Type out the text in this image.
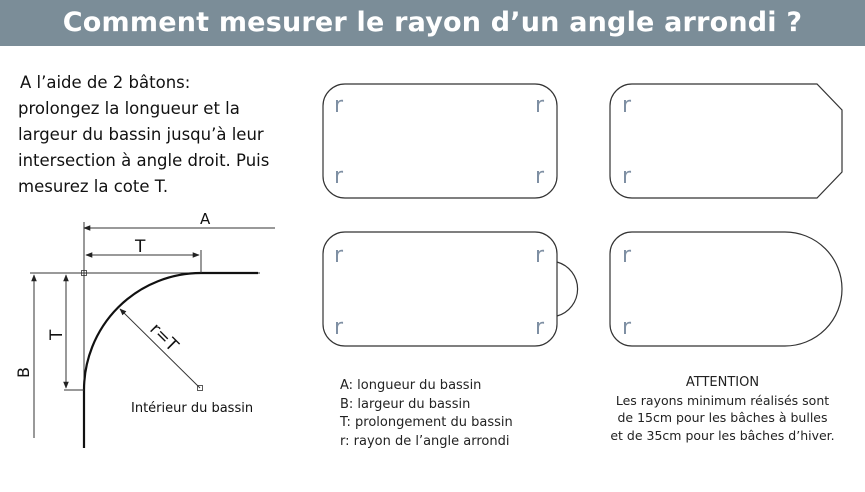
Comment mesurer le rayon d’un angle arrondi ?

A l’aide de 2 bâtons:

prolongez la longueur et la largeur du bassin jusqu’à leur intersection à angle droit. Puis mesurez la cote T.

A
T
T
B
r=T
r	r
r	r
r
r
r	r
r	r
r
r
Intérieur du bassin
A: longueur du bassin
B: largeur du bassin
T: prolongement du bassin
r: rayon de l’angle arrondi
ATTENTION
Les rayons minimum réalisés sont
de 15cm pour les bâches à bulles
et de 35cm pour les bâches d’hiver.
